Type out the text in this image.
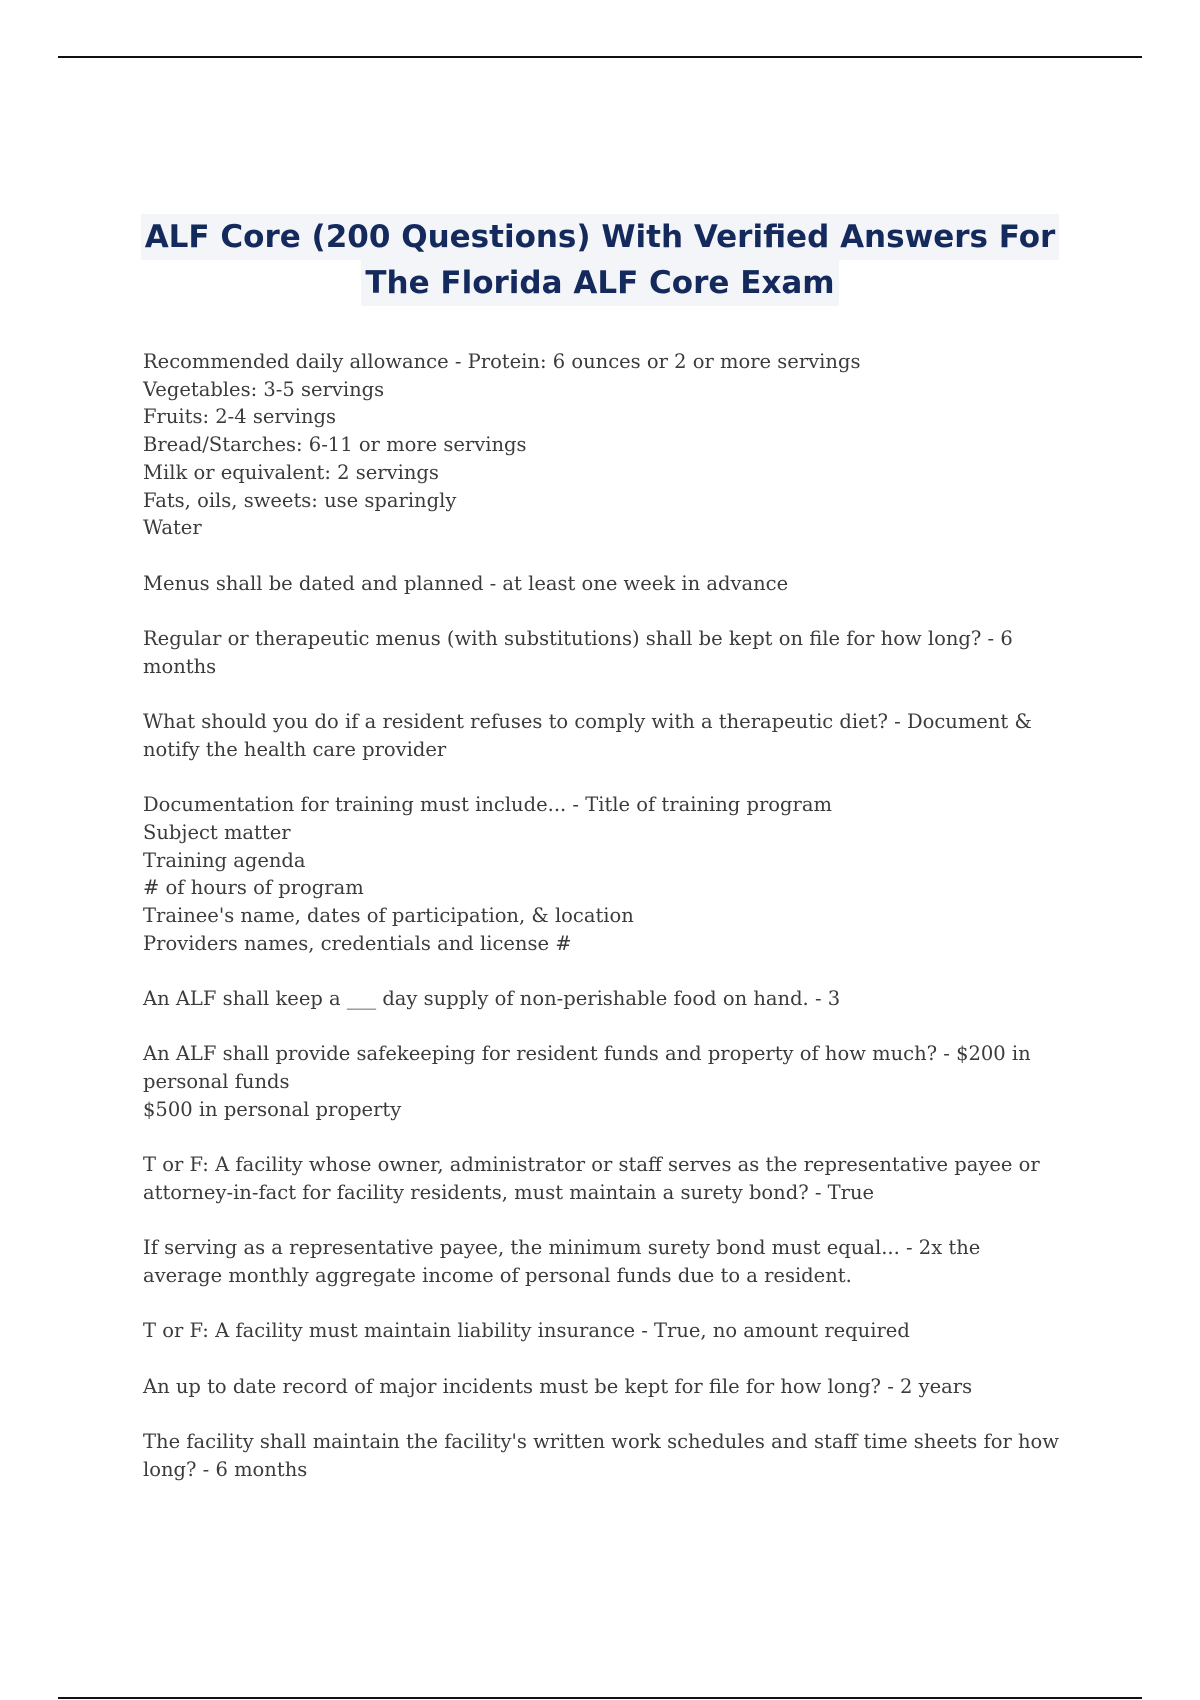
ALF Core (200 Questions) With Verified Answers For
The Florida ALF Core Exam
Recommended daily allowance - Protein: 6 ounces or 2 or more servings
Vegetables: 3-5 servings
Fruits: 2-4 servings
Bread/Starches: 6-11 or more servings
Milk or equivalent: 2 servings
Fats, oils, sweets: use sparingly
Water
Menus shall be dated and planned - at least one week in advance
Regular or therapeutic menus (with substitutions) shall be kept on file for how long? - 6 months
What should you do if a resident refuses to comply with a therapeutic diet? - Document & notify the health care provider
Documentation for training must include... - Title of training program
Subject matter
Training agenda
# of hours of program
Trainee's name, dates of participation, & location
Providers names, credentials and license #
An ALF shall keep a ___ day supply of non-perishable food on hand. - 3
An ALF shall provide safekeeping for resident funds and property of how much? - $200 in personal funds
$500 in personal property
T or F: A facility whose owner, administrator or staff serves as the representative payee or attorney-in-fact for facility residents, must maintain a surety bond? - True
If serving as a representative payee, the minimum surety bond must equal... - 2x the average monthly aggregate income of personal funds due to a resident.
T or F: A facility must maintain liability insurance - True, no amount required
An up to date record of major incidents must be kept for file for how long? - 2 years
The facility shall maintain the facility's written work schedules and staff time sheets for how long? - 6 months
